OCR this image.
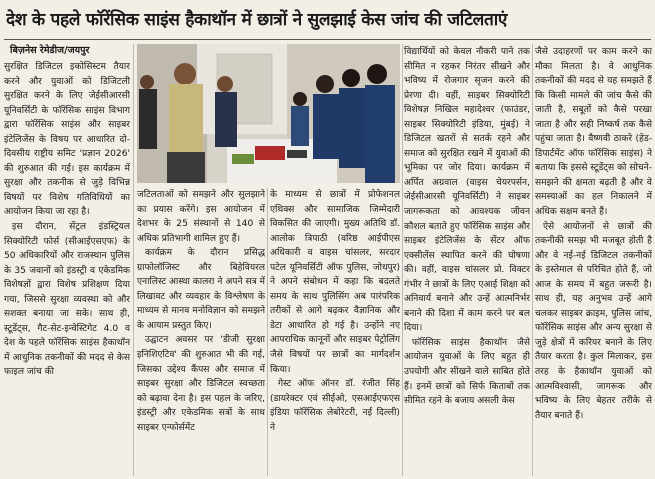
देश के पहले फॉरेंसिक साइंस हैकाथॉन में छात्रों ने सुलझाई केस जांच की जटिलताएं
बिज़नेस रेमेडीज/जयपुर

सुरक्षित डिजिटल इकोसिस्टम तैयार करने और युवाओं को डिजिटली सुरक्षित करने के लिए जेईसीआरसी यूनिवर्सिटी के फॉरेंसिक साइंस विभाग द्वारा फॉरेंसिक साइंस और साइबर इंटेलिजेंस के विषय पर आधारित दो-दिवसीय राष्ट्रीय समिट 'प्रज्ञान 2026' की शुरुआत की गई। इस कार्यक्रम में सुरक्षा और तकनीक से जुड़े विभिन्न विषयों पर विशेष गतिविधियों का आयोजन किया जा रहा है।

इस दौरान, सेंट्रल इंडस्ट्रियल सिक्योरिटी फोर्स (सीआईएसएफ) के 50 अधिकारियों और राजस्थान पुलिस के 35 जवानों को इंडस्ट्री व एकेडमिक विशेषज्ञों द्वारा विशेष प्रशिक्षण दिया गया, जिससे सुरक्षा व्यवस्था को और सशक्त बनाया जा सके। साथ ही, स्टूडेंट्स, गैट-सेट-इन्वेस्टिगेट 4.0 व देश के पहले फॉरेंसिक साइंस हैकाथॉन में आधुनिक तकनीकों की मदद से केस फाइल जांच की

जटिलताओं को समझने और सुलझाने का प्रयास करेंगे। इस आयोजन में देशभर के 25 संस्थानों से 140 से अधिक प्रतिभागी शामिल हुए हैं।

कार्यक्रम के दौरान प्रसिद्ध ग्राफोलॉजिस्ट और बिहेवियरल एनालिस्ट आस्था कालरा ने अपने सत्र में लिखावट और व्यवहार के विश्लेषण के माध्यम से मानव मनोविज्ञान को समझने के आयाम प्रस्तुत किए।

उद्घाटन अवसर पर 'डीजी सुरक्षा इनिशिएटिव' की शुरुआत भी की गई, जिसका उद्देश्य कैंपस और समाज में साइबर सुरक्षा और डिजिटल स्वच्छता को बढ़ावा देना है। इस पहल के जरिए, इंडस्ट्री और एकेडमिक सत्रों के साथ साइबर एन्फोर्समेंट

के माध्यम से छात्रों में प्रोफेशनल एथिक्स और सामाजिक जिम्मेदारी विकसित की जाएगी। मुख्य अतिथि डॉ. आलोक त्रिपाठी (वरिष्ठ आईपीएस अधिकारी व वाइस चांसलर, सरदार पटेल यूनिवर्सिटी ऑफ पुलिस, जोधपुर) ने अपने संबोधन में कहा कि बदलते समय के साथ पुलिसिंग अब पारंपरिक तरीकों से आगे बढ़कर वैज्ञानिक और डेटा आधारित हो गई है। उन्होंने नए आपराधिक कानूनों और साइबर पेट्रोलिंग जैसे विषयों पर छात्रों का मार्गदर्शन किया।

गेस्ट ऑफ ऑनर डॉ. रंजीत सिंह (डायरेक्टर एवं सीईओ, एसआईएफएस इंडिया फॉरेंसिक लेबोरेटरी, नई दिल्ली) ने

विद्यार्थियों को केवल नौकरी पाने तक सीमित न रहकर निरंतर सीखने और भविष्य में रोजगार सृजन करने की प्रेरणा दी। वहीं, साइबर सिक्योरिटी विशेषज्ञ निखिल महादेश्वर (फाउंडर, साइबर सिक्योरिटी इंडिया, मुंबई) ने डिजिटल खतरों से सतर्क रहने और समाज को सुरक्षित रखने में युवाओं की भूमिका पर जोर दिया। कार्यक्रम में अर्पित अग्रवाल (वाइस चेयरपर्सन, जेईसीआरसी यूनिवर्सिटी) ने साइबर जागरूकता को आवश्यक जीवन कौशल बताते हुए फॉरेंसिक साइंस और साइबर इंटेलिजेंस के सेंटर ऑफ एक्सीलेंस स्थापित करने की घोषणा की। वहीं, वाइस चांसलर प्रो. विक्टर गंभीर ने छात्रों के लिए एआई शिक्षा को अनिवार्य बनाने और उन्हें आत्मनिर्भर बनाने की दिशा में काम करने पर बल दिया।

फॉरेंसिक साइंस हैकाथॉन जैसे आयोजन युवाओं के लिए बहुत ही उपयोगी और सीखने वाले साबित होते हैं। इनमें छात्रों को सिर्फ किताबों तक सीमित रहने के बजाय असली केस

जैसे उदाहरणों पर काम करने का मौका मिलता है। वे आधुनिक तकनीकों की मदद से यह समझते हैं कि किसी मामले की जांच कैसे की जाती है, सबूतों को कैसे परखा जाता है और सही निष्कर्ष तक कैसे पहुंचा जाता है। वैष्णवी ठाकरे (हेड- डिपार्टमेंट ऑफ फॉरेंसिक साइंस) ने बताया कि इससे स्टूडेंट्स को सोचने-समझने की क्षमता बढ़ती है और वे समस्याओं का हल निकालने में अधिक सक्षम बनते हैं।

ऐसे आयोजनों से छात्रों की तकनीकी समझ भी मजबूत होती है और वे नई-नई डिजिटल तकनीकों के इस्तेमाल से परिचित होते हैं, जो आज के समय में बहुत जरूरी है। साथ ही, यह अनुभव उन्हें आगे चलकर साइबर क्राइम, पुलिस जांच, फॉरेंसिक साइंस और अन्य सुरक्षा से जुड़े क्षेत्रों में करियर बनाने के लिए तैयार करता है। कुल मिलाकर, इस तरह के हैकाथॉन युवाओं को आत्मविश्वासी, जागरूक और भविष्य के लिए बेहतर तरीके से तैयार बनाते हैं।
